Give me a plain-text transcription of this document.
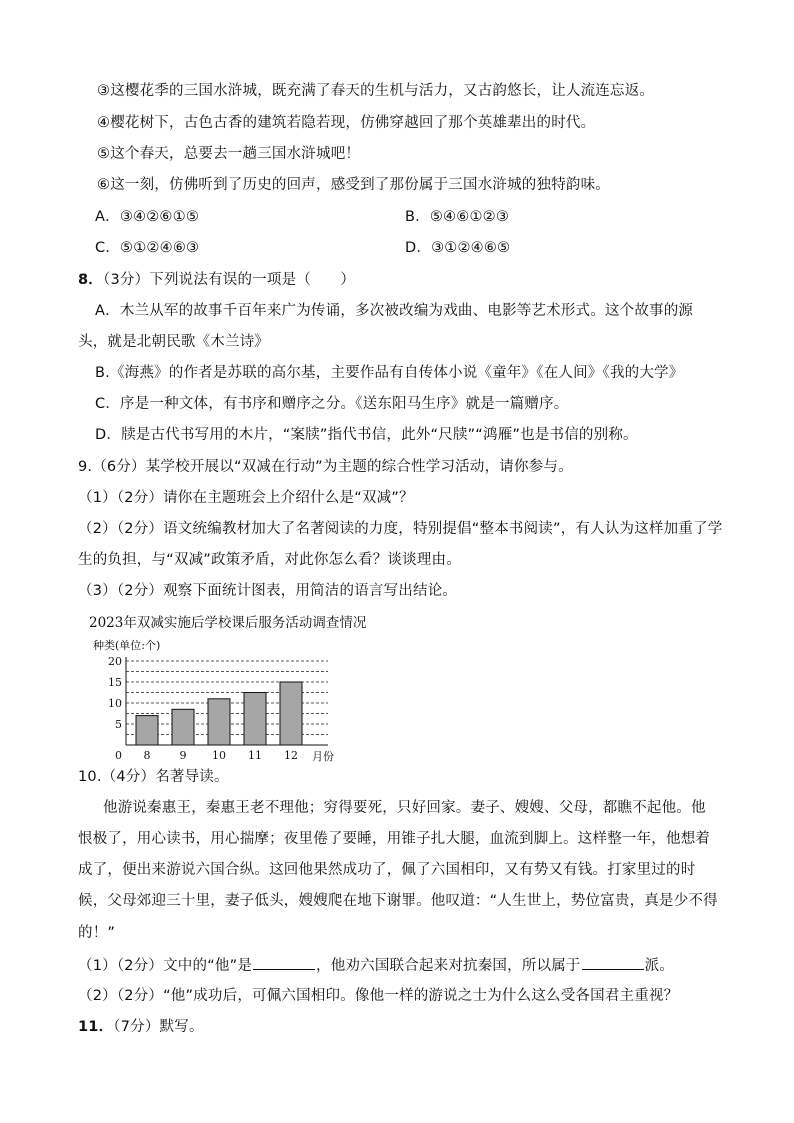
③这樱花季的三国水浒城，既充满了春天的生机与活力，又古韵悠长，让人流连忘返。
④樱花树下，古色古香的建筑若隐若现，仿佛穿越回了那个英雄辈出的时代。
⑤这个春天，总要去一趟三国水浒城吧！
⑥这一刻，仿佛听到了历史的回声，感受到了那份属于三国水浒城的独特韵味。
A．③④②⑥①⑤	B．⑤④⑥①②③
C．⑤①②④⑥③	D．③①②④⑥⑤
8．（3分）下列说法有误的一项是（　　）
A．木兰从军的故事千百年来广为传诵，多次被改编为戏曲、电影等艺术形式。这个故事的源
头，就是北朝民歌《木兰诗》
B.《海燕》的作者是苏联的高尔基，主要作品有自传体小说《童年》《在人间》《我的大学》
C．序是一种文体，有书序和赠序之分。《送东阳马生序》就是一篇赠序。
D．牍是古代书写用的木片，“案牍”指代书信，此外“尺牍”“鸿雁”也是书信的别称。
9.（6分）某学校开展以“双减在行动”为主题的综合性学习活动，请你参与。
（1）（2分）请你在主题班会上介绍什么是“双减”？
（2）（2分）语文统编教材加大了名著阅读的力度，特别提倡“整本书阅读”，有人认为这样加重了学
生的负担，与“双减”政策矛盾，对此你怎么看？谈谈理由。
（3）（2分）观察下面统计图表，用简洁的语言写出结论。
2023年双减实施后学校课后服务活动调查情况
种类(单位:个)
5
10
15
20
0 8	9 10 11 12 月份
10.（4分）名著导读。
他游说秦惠王，秦惠王老不理他；穷得要死，只好回家。妻子、嫂嫂、父母，都瞧不起他。他
恨极了，用心读书，用心揣摩；夜里倦了要睡，用锥子扎大腿，血流到脚上。这样整一年，他想着
成了，便出来游说六国合纵。这回他果然成功了，佩了六国相印，又有势又有钱。打家里过的时
候，父母郊迎三十里，妻子低头，嫂嫂爬在地下谢罪。他叹道：“人生世上，势位富贵，真是少不得
的！”
（1）（2分）文中的“他”是	，他劝六国联合起来对抗秦国，所以属于	派。
（2）（2分）“他”成功后，可佩六国相印。像他一样的游说之士为什么这么受各国君主重视？
11．（7分）默写。
